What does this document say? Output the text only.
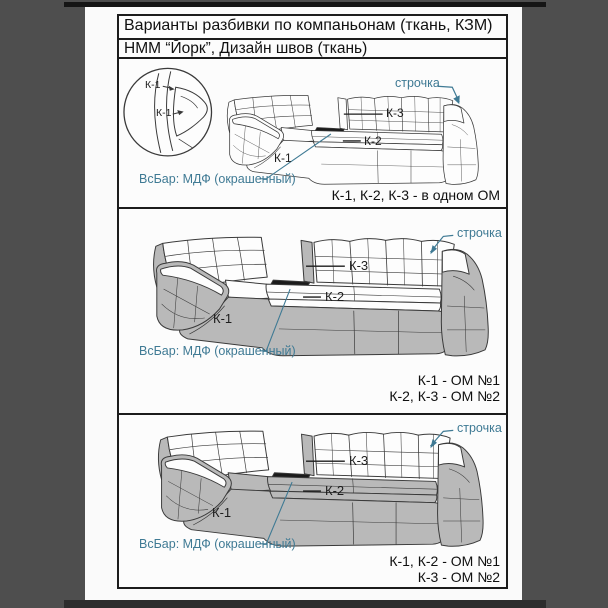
Варианты разбивки по компаньонам (ткань, КЗМ)
НММ “Йорк”, Дизайн швов (ткань)
К-1
К-1
строчка
К-3
К-2
К-1
ВсБар: МДФ (окрашенный)
К-1, К-2, К-3 - в одном ОМ
строчка
К-3
К-2
К-1
ВсБар: МДФ (окрашенный)
К-1 - ОМ №1
К-2, К-3 - ОМ №2
строчка
К-3
К-2
К-1
ВсБар: МДФ (окрашенный)
К-1, К-2 - ОМ №1
К-3 - ОМ №2
